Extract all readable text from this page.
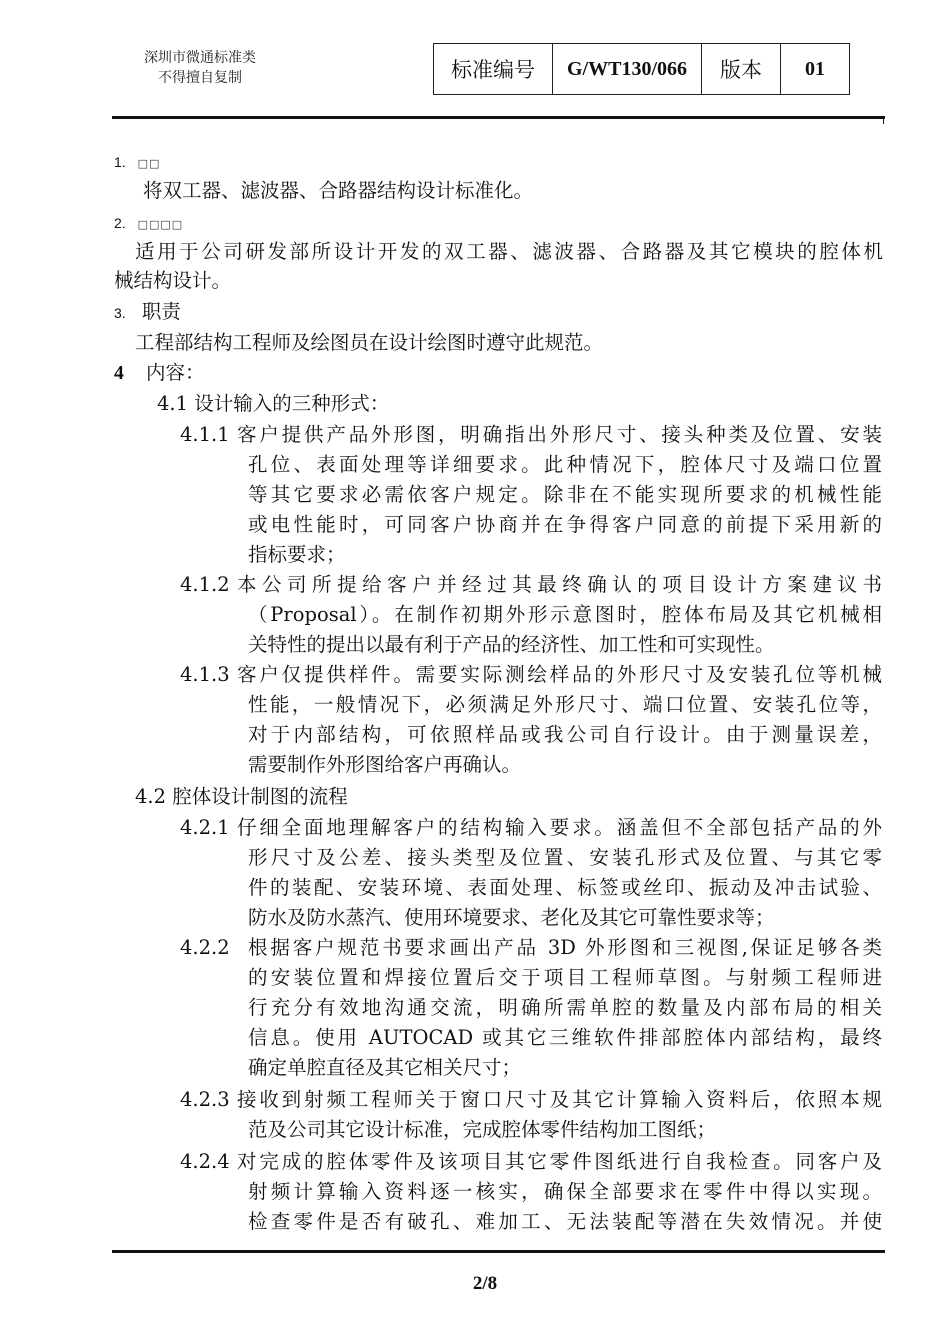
深圳市微通标准类
不得擅自复制	标准编号	G/WT130/066	版本	01
1. □□
将双工器、滤波器、合路器结构设计标准化。
2. □□□□
适用于公司研发部所设计开发的双工器、滤波器、合路器及其它模块的腔体机
械结构设计。
3. 职责
工程部结构工程师及绘图员在设计绘图时遵守此规范。
4 内容：
4.1 设计输入的三种形式：
4.1.1 客户提供产品外形图，明确指出外形尺寸、接头种类及位置、安装
孔位、表面处理等详细要求。此种情况下，腔体尺寸及端口位置
等其它要求必需依客户规定。除非在不能实现所要求的机械性能
或电性能时，可同客户协商并在争得客户同意的前提下采用新的
指标要求；
4.1.2 本公司所提给客户并经过其最终确认的项目设计方案建议书
（Proposal）。在制作初期外形示意图时，腔体布局及其它机械相
关特性的提出以最有利于产品的经济性、加工性和可实现性。
4.1.3 客户仅提供样件。需要实际测绘样品的外形尺寸及安装孔位等机械
性能，一般情况下，必须满足外形尺寸、端口位置、安装孔位等，
对于内部结构，可依照样品或我公司自行设计。由于测量误差，
需要制作外形图给客户再确认。
4.2 腔体设计制图的流程
4.2.1 仔细全面地理解客户的结构输入要求。涵盖但不全部包括产品的外
形尺寸及公差、接头类型及位置、安装孔形式及位置、与其它零
件的装配、安装环境、表面处理、标签或丝印、振动及冲击试验、
防水及防水蒸汽、使用环境要求、老化及其它可靠性要求等；
4.2.2 根据客户规范书要求画出产品 3D 外形图和三视图,保证足够各类
的安装位置和焊接位置后交于项目工程师草图。与射频工程师进
行充分有效地沟通交流，明确所需单腔的数量及内部布局的相关
信息。使用 AUTOCAD 或其它三维软件排部腔体内部结构，最终
确定单腔直径及其它相关尺寸；
4.2.3 接收到射频工程师关于窗口尺寸及其它计算输入资料后，依照本规
范及公司其它设计标准，完成腔体零件结构加工图纸；
4.2.4 对完成的腔体零件及该项目其它零件图纸进行自我检查。同客户及
射频计算输入资料逐一核实，确保全部要求在零件中得以实现。
检查零件是否有破孔、难加工、无法装配等潜在失效情况。并使
2/8
